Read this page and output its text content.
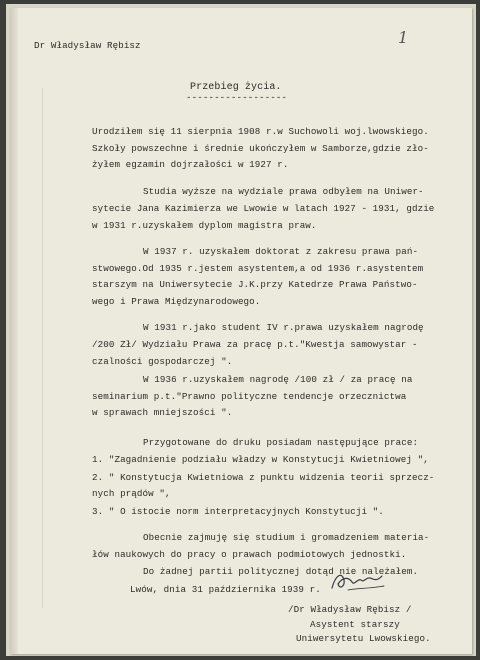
1
Dr Władysław Rębisz
Przebieg życia.
------------------
Urodziłem się 11 sierpnia 1908 r.w Suchowoli woj.lwowskiego.
Szkoły powszechne i średnie ukończyłem w Samborze,gdzie zło-
żyłem egzamin dojrzałości w 1927 r.
Studia wyższe na wydziale prawa odbyłem na Uniwer-
sytecie Jana Kazimierza we Lwowie w latach 1927 - 1931, gdzie
w 1931 r.uzyskałem dyplom magistra praw.
W 1937 r. uzyskałem doktorat z zakresu prawa pań-
stwowego.Od 1935 r.jestem asystentem,a od 1936 r.asystentem
starszym na Uniwersytecie J.K.przy Katedrze Prawa Państwo-
wego i Prawa Międzynarodowego.
W 1931 r.jako student IV r.prawa uzyskałem nagrodę
/200 Zł/ Wydziału Prawa za pracę p.t."Kwestja samowystar -
czalności gospodarczej ".
W 1936 r.uzyskałem nagrodę /100 zł / za pracę na
seminarium p.t."Prawno polityczne tendencje orzecznictwa
w sprawach mniejszości ".
Przygotowane do druku posiadam następujące prace:
1. "Zagadnienie podziału władzy w Konstytucji Kwietniowej ",
2. " Konstytucja Kwietniowa z punktu widzenia teorii sprzecz-
nych prądów ",
3. " O istocie norm interpretacyjnych Konstytucji ".
Obecnie zajmuję się studium i gromadzeniem materia-
łów naukowych do pracy o prawach podmiotowych jednostki.
Do żadnej partii politycznej dotąd nie należałem.
Lwów, dnia 31 października 1939 r.
/Dr Władysław Rębisz /
Asystent starszy
Uniwersytetu Lwowskiego.
